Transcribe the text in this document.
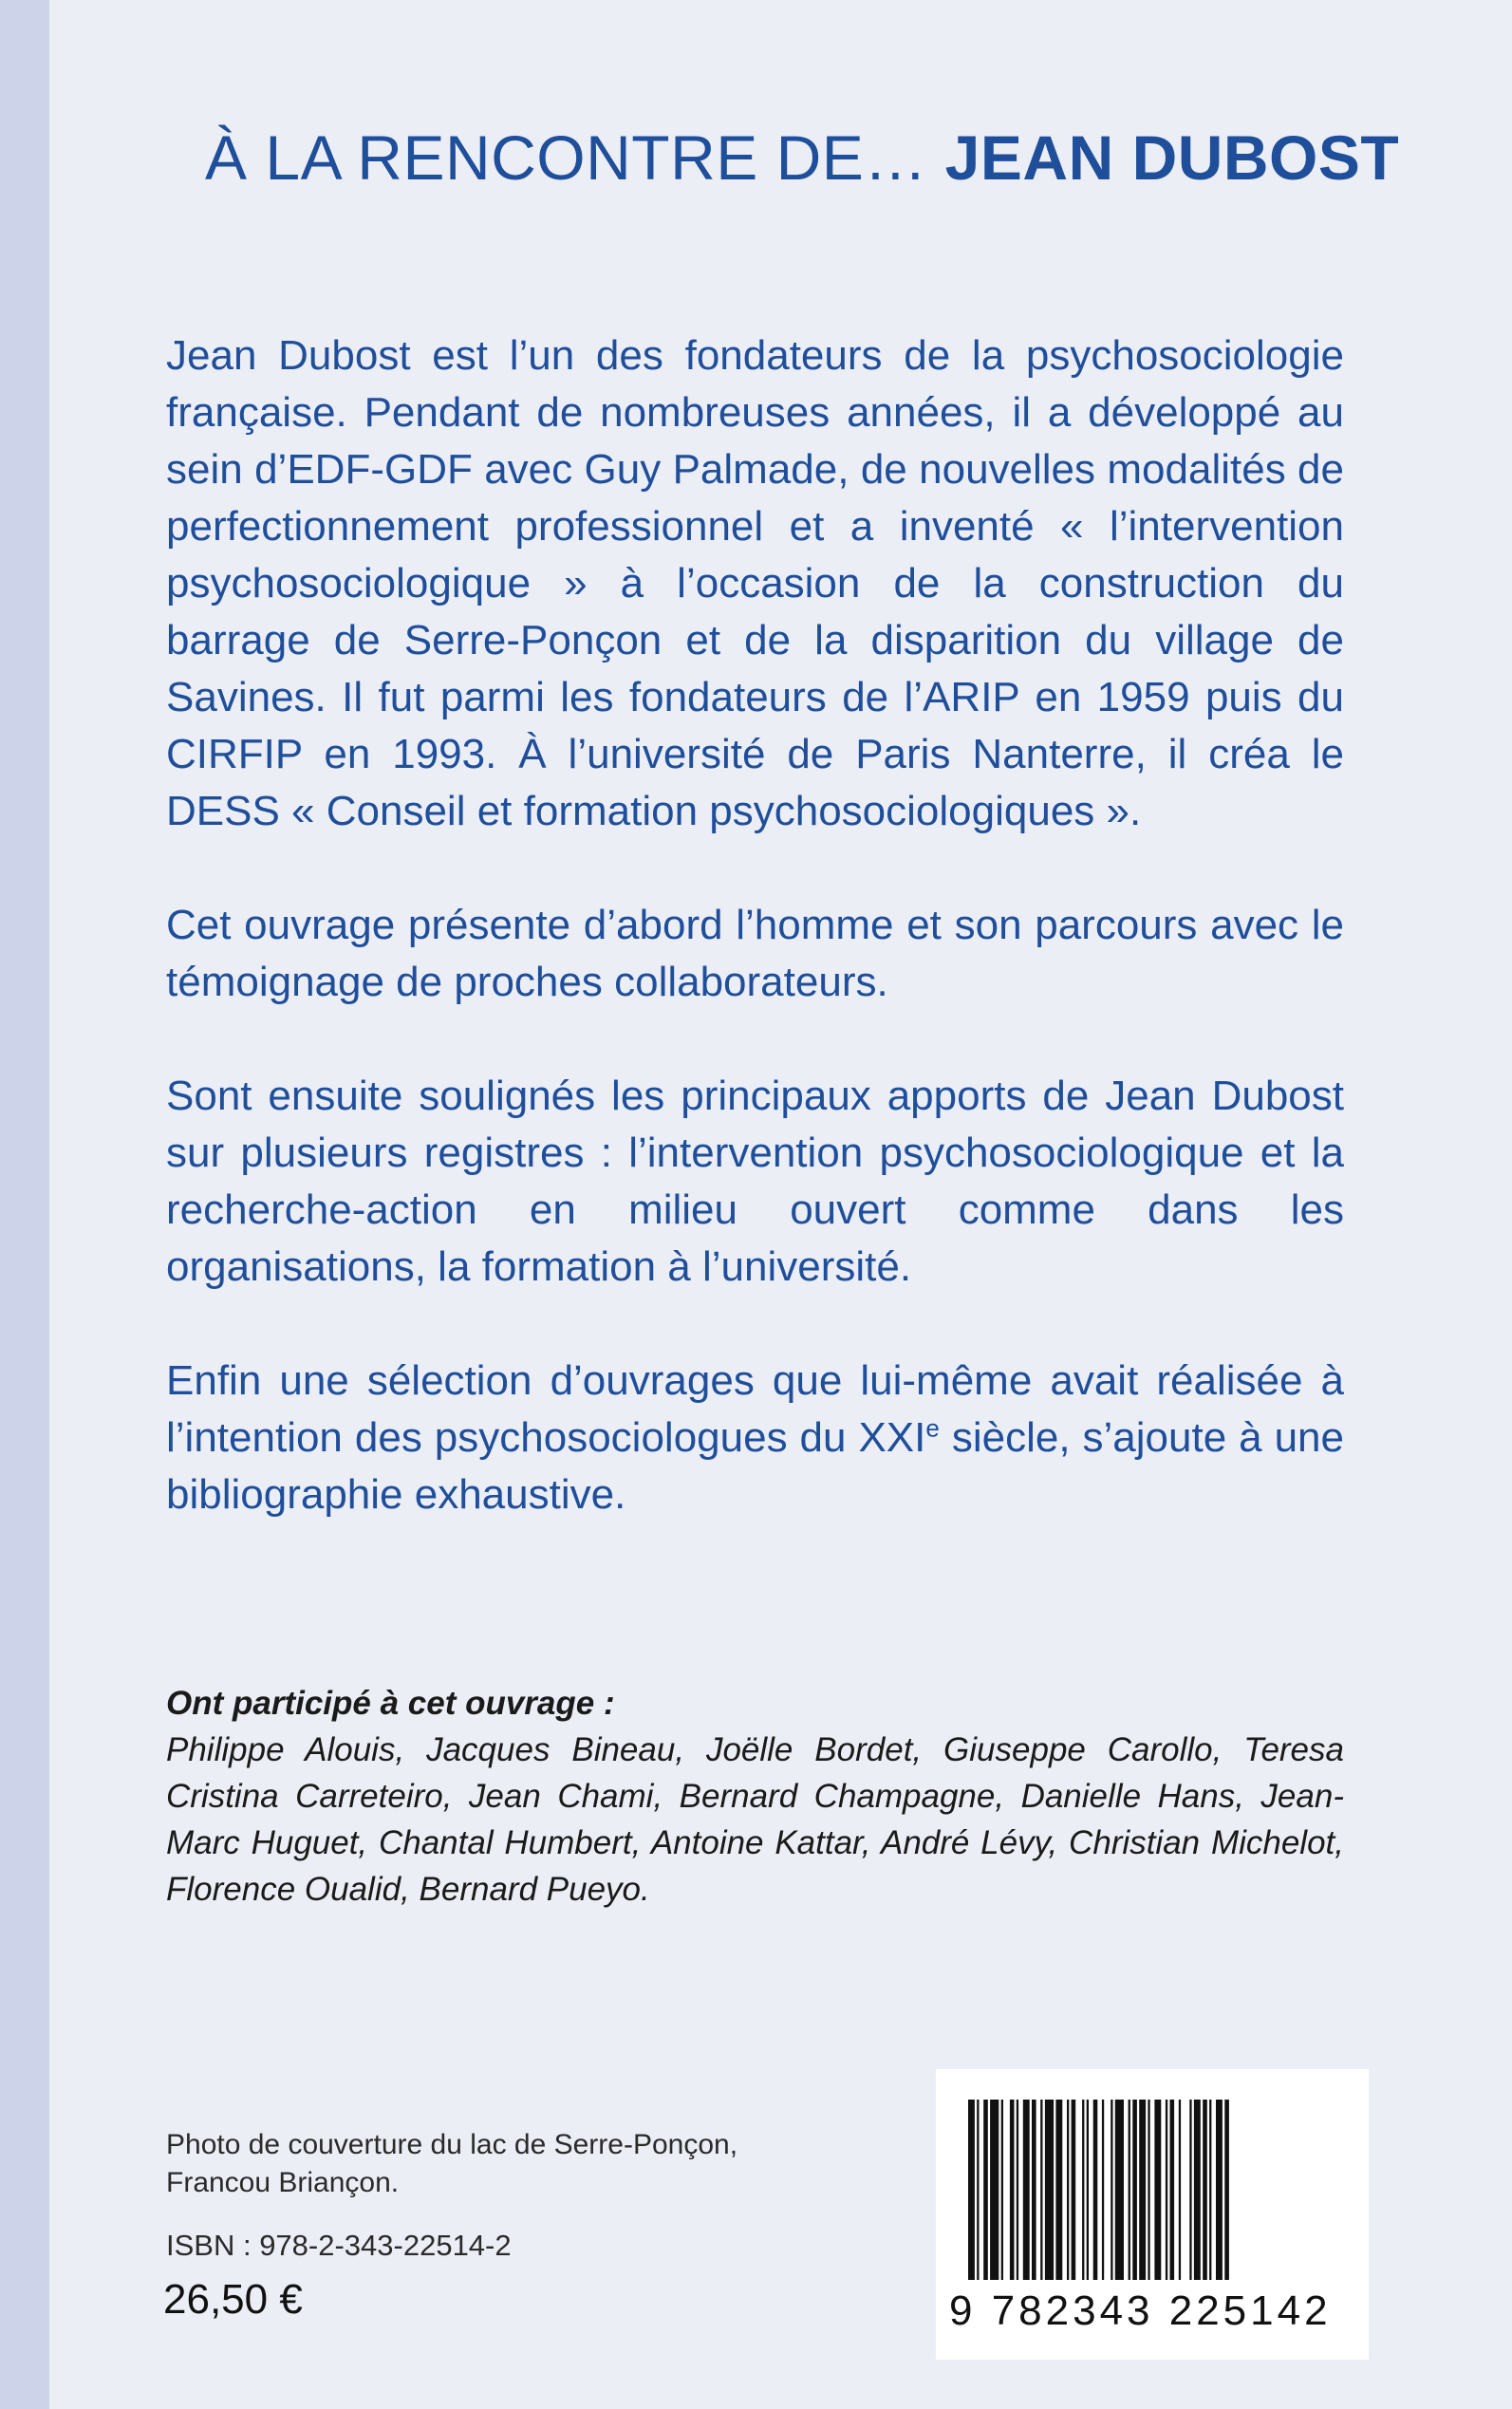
À LA RENCONTRE DE… JEAN DUBOST

Jean Dubost est l’un des fondateurs de la psychosociologie française. Pendant de nombreuses années, il a développé au sein d’EDF-GDF avec Guy Palmade, de nouvelles modalités de perfectionnement professionnel et a inventé « l’intervention psychosociologique » à l’occasion de la construction du barrage de Serre-Ponçon et de la disparition du village de Savines. Il fut parmi les fondateurs de l’ARIP en 1959 puis du CIRFIP en 1993. À l’université de Paris Nanterre, il créa le DESS « Conseil et formation psychosociologiques ».

Cet ouvrage présente d’abord l’homme et son parcours avec le témoignage de proches collaborateurs.

Sont ensuite soulignés les principaux apports de Jean Dubost sur plusieurs registres : l’intervention psychosociologique et la recherche-action en milieu ouvert comme dans les organisations, la formation à l’université.

Enfin une sélection d’ouvrages que lui-même avait réalisée à l’intention des psychosociologues du XXIe siècle, s’ajoute à une bibliographie exhaustive.

Ont participé à cet ouvrage :
Philippe Alouis, Jacques Bineau, Joëlle Bordet, Giuseppe Carollo, Teresa Cristina Carreteiro, Jean Chami, Bernard Champagne, Danielle Hans, Jean-Marc Huguet, Chantal Humbert, Antoine Kattar, André Lévy, Christian Michelot, Florence Oualid, Bernard Pueyo.
Photo de couverture du lac de Serre-Ponçon,
Francou Briançon.
ISBN : 978-2-343-22514-2
26,50 €	9 782343 225142
